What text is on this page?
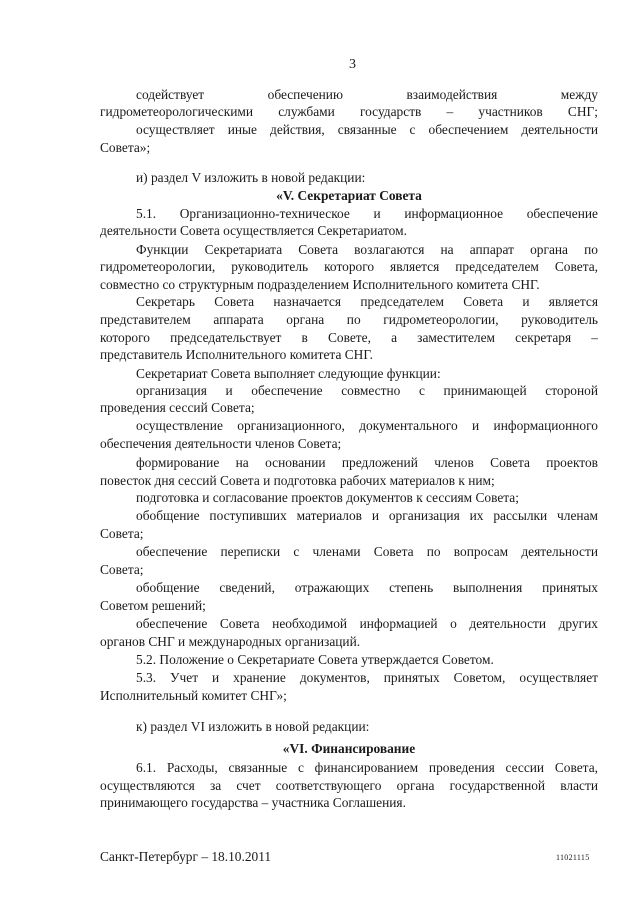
3
содействует обеспечению взаимодействия между
гидрометеорологическими службами государств – участников СНГ;
осуществляет иные действия, связанные с обеспечением деятельности
Совета»;
и) раздел V изложить в новой редакции:
«V. Секретариат Совета
5.1. Организационно-техническое и информационное обеспечение
деятельности Совета осуществляется Секретариатом.
Функции Секретариата Совета возлагаются на аппарат органа по
гидрометеорологии, руководитель которого является председателем Совета,
совместно со структурным подразделением Исполнительного комитета СНГ.
Секретарь Совета назначается председателем Совета и является
представителем аппарата органа по гидрометеорологии, руководитель
которого председательствует в Совете, а заместителем секретаря –
представитель Исполнительного комитета СНГ.
Секретариат Совета выполняет следующие функции:
организация и обеспечение совместно с принимающей стороной
проведения сессий Совета;
осуществление организационного, документального и информационного
обеспечения деятельности членов Совета;
формирование на основании предложений членов Совета проектов
повесток дня сессий Совета и подготовка рабочих материалов к ним;
подготовка и согласование проектов документов к сессиям Совета;
обобщение поступивших материалов и организация их рассылки членам
Совета;
обеспечение переписки с членами Совета по вопросам деятельности
Совета;
обобщение сведений, отражающих степень выполнения принятых
Советом решений;
обеспечение Совета необходимой информацией о деятельности других
органов СНГ и международных организаций.
5.2. Положение о Секретариате Совета утверждается Советом.
5.3. Учет и хранение документов, принятых Советом, осуществляет
Исполнительный комитет СНГ»;
к) раздел VI изложить в новой редакции:
«VI. Финансирование
6.1. Расходы, связанные с финансированием проведения сессии Совета,
осуществляются за счет соответствующего органа государственной власти
принимающего государства – участника Соглашения.
Санкт-Петербург – 18.10.2011	11021115
